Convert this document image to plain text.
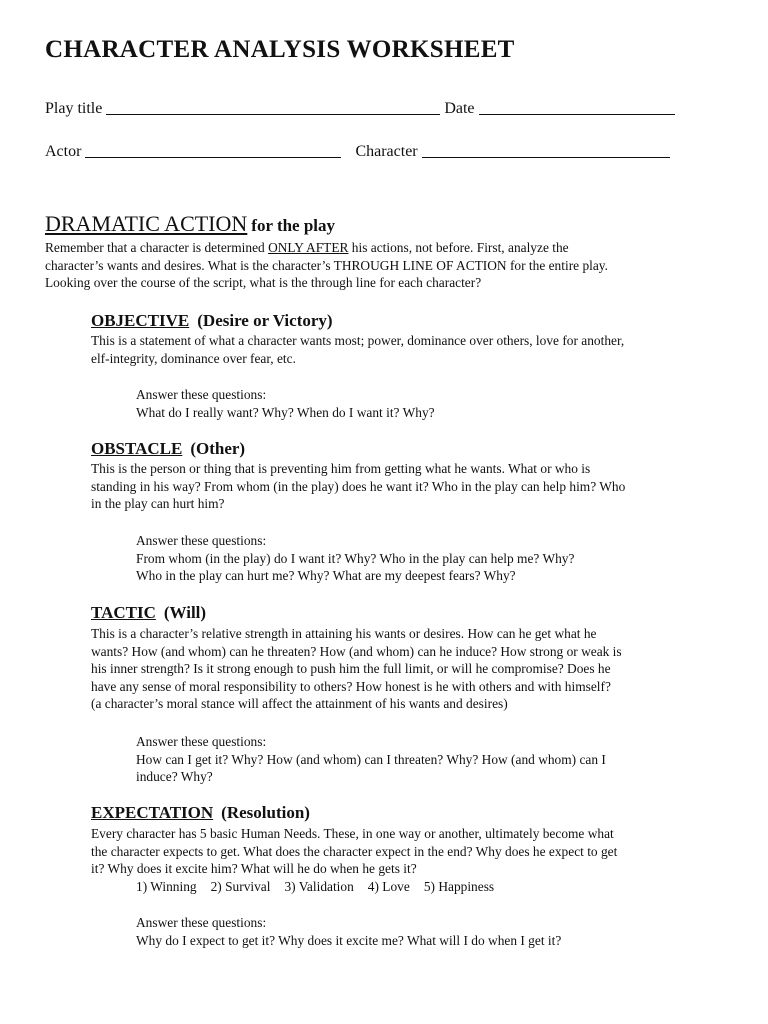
CHARACTER ANALYSIS WORKSHEET
Play title	Date
Actor	Character
DRAMATIC ACTION for the play
Remember that a character is determined ONLY AFTER his actions, not before. First, analyze the
character’s wants and desires. What is the character’s THROUGH LINE OF ACTION for the entire play.
Looking over the course of the script, what is the through line for each character?
OBJECTIVE (Desire or Victory)
This is a statement of what a character wants most; power, dominance over others, love for another,
elf-integrity, dominance over fear, etc.
Answer these questions:
What do I really want? Why? When do I want it? Why?
OBSTACLE (Other)
This is the person or thing that is preventing him from getting what he wants. What or who is
standing in his way? From whom (in the play) does he want it? Who in the play can help him? Who
in the play can hurt him?
Answer these questions:
From whom (in the play) do I want it? Why? Who in the play can help me? Why?
Who in the play can hurt me? Why? What are my deepest fears? Why?
TACTIC (Will)
This is a character’s relative strength in attaining his wants or desires. How can he get what he
wants? How (and whom) can he threaten? How (and whom) can he induce? How strong or weak is
his inner strength? Is it strong enough to push him the full limit, or will he compromise? Does he
have any sense of moral responsibility to others? How honest is he with others and with himself?
(a character’s moral stance will affect the attainment of his wants and desires)
Answer these questions:
How can I get it? Why? How (and whom) can I threaten? Why? How (and whom) can I
induce? Why?
EXPECTATION (Resolution)
Every character has 5 basic Human Needs. These, in one way or another, ultimately become what
the character expects to get. What does the character expect in the end? Why does he expect to get
it? Why does it excite him? What will he do when he gets it?
1) Winning 2) Survival 3) Validation 4) Love 5) Happiness
Answer these questions:
Why do I expect to get it? Why does it excite me? What will I do when I get it?
